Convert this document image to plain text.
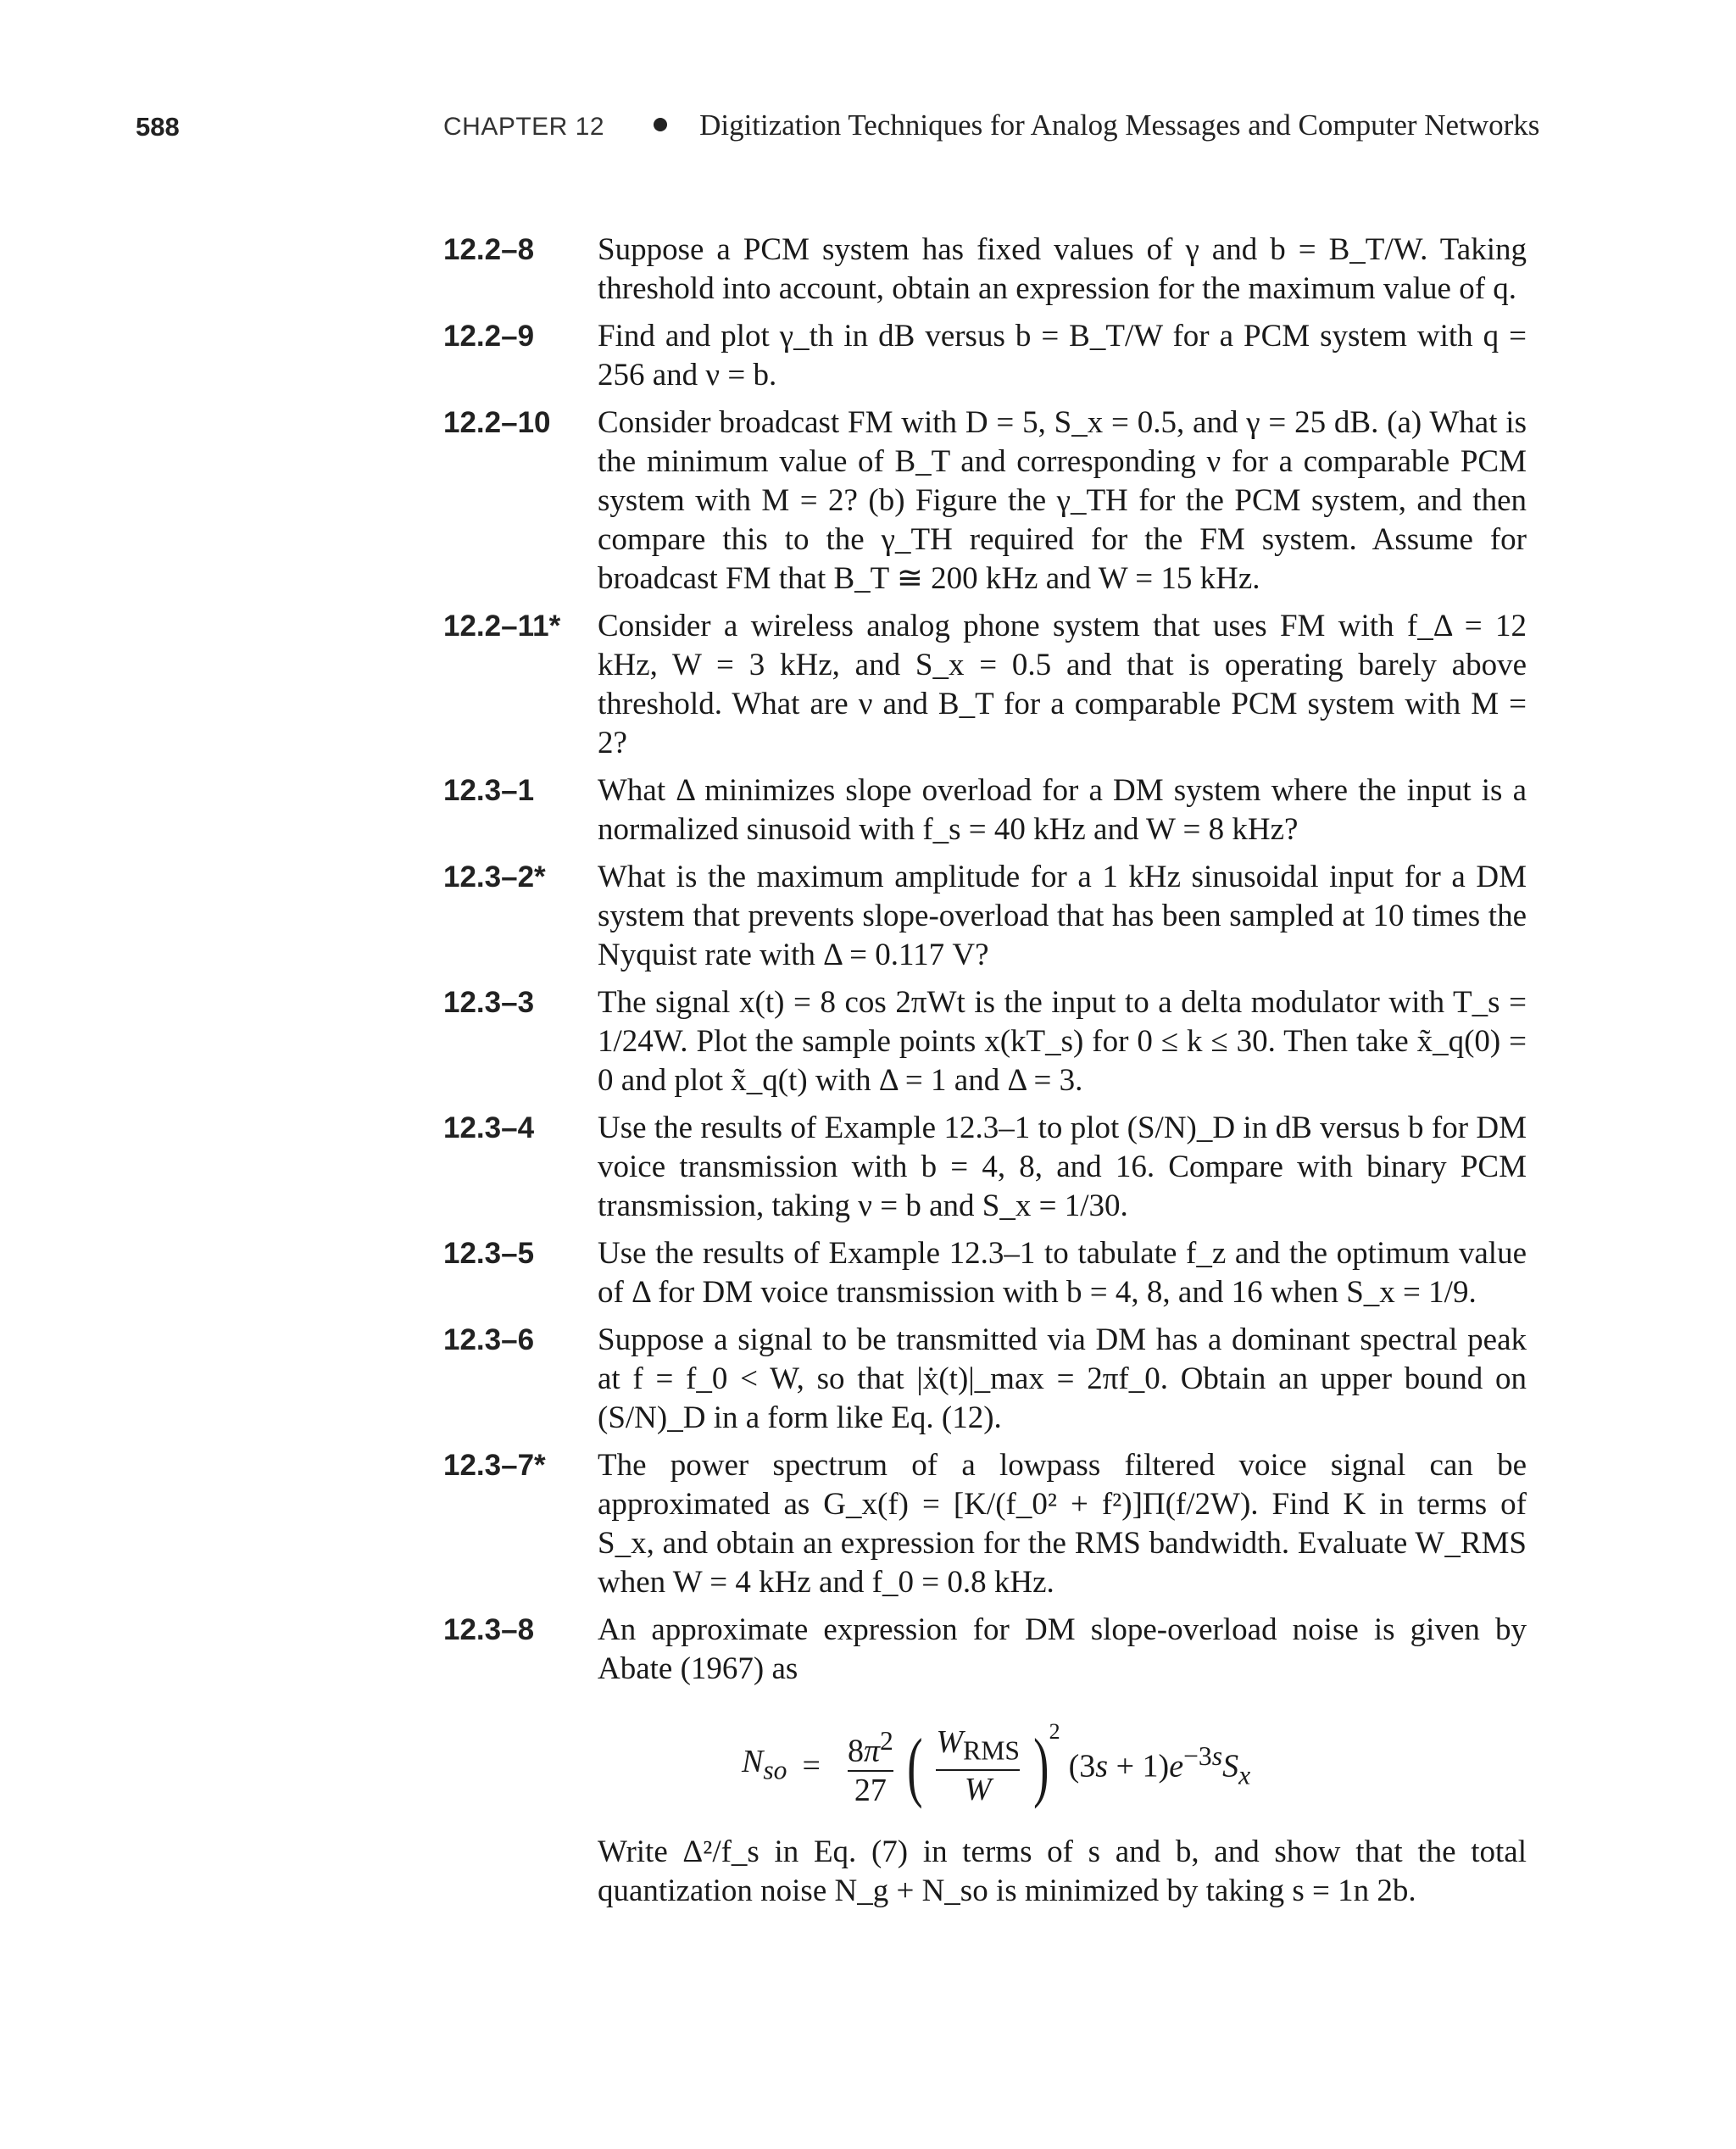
588	CHAPTER 12	Digitization Techniques for Analog Messages and Computer Networks
12.2–8	Suppose a PCM system has fixed values of γ and b = B_T/W. Taking threshold into account, obtain an expression for the maximum value of q.
12.2–9	Find and plot γ_th in dB versus b = B_T/W for a PCM system with q = 256 and ν = b.
12.2–10	Consider broadcast FM with D = 5, S_x = 0.5, and γ = 25 dB. (a) What is the minimum value of B_T and corresponding ν for a comparable PCM system with M = 2? (b) Figure the γ_TH for the PCM system, and then compare this to the γ_TH required for the FM system. Assume for broadcast FM that B_T ≅ 200 kHz and W = 15 kHz.
12.2–11*	Consider a wireless analog phone system that uses FM with f_Δ = 12 kHz, W = 3 kHz, and S_x = 0.5 and that is operating barely above threshold. What are ν and B_T for a comparable PCM system with M = 2?
12.3–1	What Δ minimizes slope overload for a DM system where the input is a normalized sinusoid with f_s = 40 kHz and W = 8 kHz?
12.3–2*	What is the maximum amplitude for a 1 kHz sinusoidal input for a DM system that prevents slope-overload that has been sampled at 10 times the Nyquist rate with Δ = 0.117 V?
12.3–3	The signal x(t) = 8 cos 2πWt is the input to a delta modulator with T_s = 1/24W. Plot the sample points x(kT_s) for 0 ≤ k ≤ 30. Then take x̃_q(0) = 0 and plot x̃_q(t) with Δ = 1 and Δ = 3.
12.3–4	Use the results of Example 12.3–1 to plot (S/N)_D in dB versus b for DM voice transmission with b = 4, 8, and 16. Compare with binary PCM transmission, taking ν = b and S_x = 1/30.
12.3–5	Use the results of Example 12.3–1 to tabulate f_z and the optimum value of Δ for DM voice transmission with b = 4, 8, and 16 when S_x = 1/9.
12.3–6	Suppose a signal to be transmitted via DM has a dominant spectral peak at f = f_0 < W, so that |ẋ(t)|_max = 2πf_0. Obtain an upper bound on (S/N)_D in a form like Eq. (12).
12.3–7*	The power spectrum of a lowpass filtered voice signal can be approximated as G_x(f) = [K/(f_0² + f²)]Π(f/2W). Find K in terms of S_x, and obtain an expression for the RMS bandwidth. Evaluate W_RMS when W = 4 kHz and f_0 = 0.8 kHz.
12.3–8	An approximate expression for DM slope-overload noise is given by Abate (1967) as
$N_{so} = \frac{8\pi^2}{27}$ ( $\frac{W_{RMS}}{W}$ ) 2
$(3s + 1)e^{-3s}S_x$
Write Δ²/f_s in Eq. (7) in terms of s and b, and show that the total quantization noise N_g + N_so is minimized by taking s = 1n 2b.
